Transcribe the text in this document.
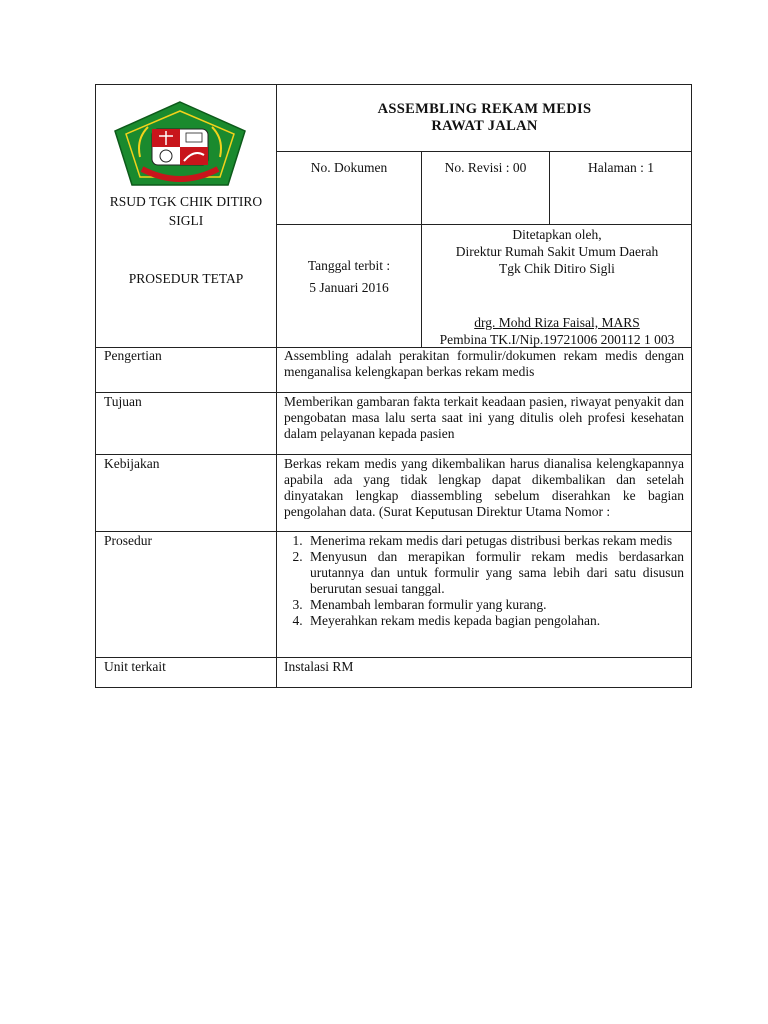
RSUD TGK CHIK DITIRO
SIGLI
PROSEDUR TETAP
ASSEMBLING REKAM MEDIS
RAWAT JALAN
No. Dokumen	No. Revisi : 00	Halaman : 1
Tanggal terbit :
5 Januari 2016
Ditetapkan oleh,
Direktur Rumah Sakit Umum Daerah
Tgk Chik Ditiro Sigli
drg. Mohd Riza Faisal, MARS
Pembina TK.I/Nip.19721006 200112 1 003
Pengertian	Assembling adalah perakitan formulir/dokumen rekam medis dengan menganalisa kelengkapan berkas rekam medis
Tujuan	Memberikan gambaran fakta terkait keadaan pasien, riwayat penyakit dan pengobatan masa lalu serta saat ini yang ditulis oleh profesi kesehatan dalam pelayanan kepada pasien
Kebijakan	Berkas rekam medis yang dikembalikan harus dianalisa kelengkapannya apabila ada yang tidak lengkap dapat dikembalikan dan setelah dinyatakan lengkap diassembling sebelum diserahkan ke bagian pengolahan data. (Surat Keputusan Direktur Utama Nomor :
Prosedur
1.	Menerima rekam medis dari petugas distribusi berkas rekam medis
2. Menyusun dan merapikan formulir rekam medis berdasarkan urutannya dan untuk formulir yang sama lebih dari satu disusun berurutan sesuai tanggal.
3. Menambah lembaran formulir yang kurang.
4. Meyerahkan rekam medis kepada bagian pengolahan.
Unit terkait	Instalasi RM
